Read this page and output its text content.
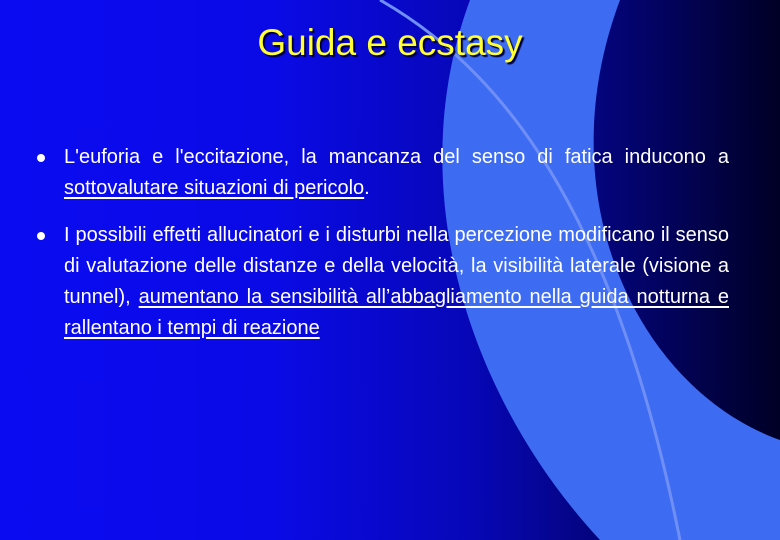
Guida e ecstasy
L'euforia e l'eccitazione, la mancanza del senso di fatica inducono a sottovalutare situazioni di pericolo.
I possibili effetti allucinatori e i disturbi nella percezione modificano il senso di valutazione delle distanze e della velocità, la visibilità laterale (visione a tunnel), aumentano la sensibilità all’abbagliamento nella guida notturna e rallentano i tempi di reazione
